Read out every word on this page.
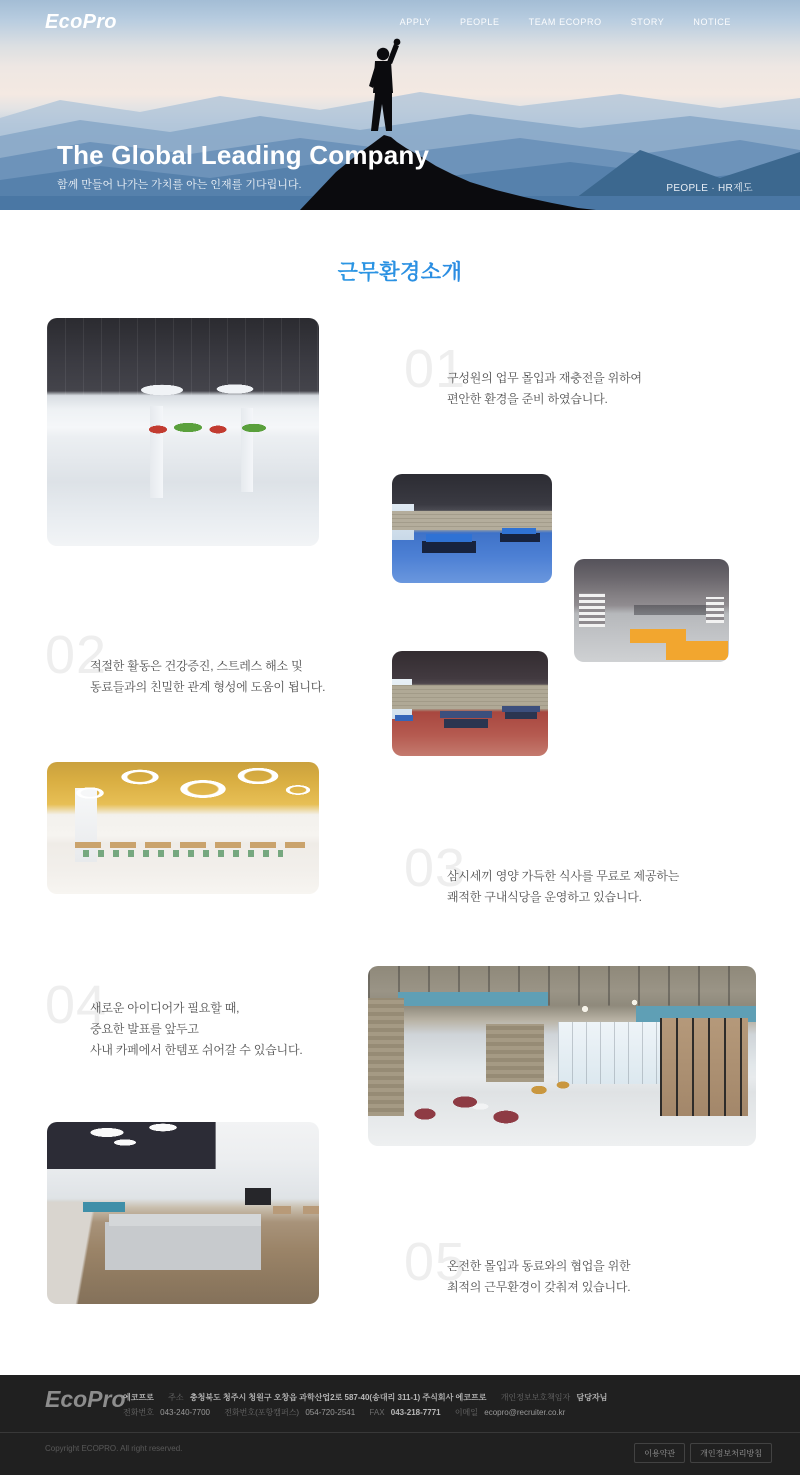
EcoPro	APPLY	PEOPLE	TEAM ECOPRO	STORY	NOTICE
The Global Leading Company

함께 만들어 나가는 가치를 아는 인재를 기다립니다.	PEOPLE · HR제도
근무환경소개
01
구성원의 업무 몰입과 재충전을 위하여
편안한 환경을 준비 하였습니다.
02
적절한 활동은 건강증진, 스트레스 해소 및
동료들과의 친밀한 관계 형성에 도움이 됩니다.
03
삼시세끼 영양 가득한 식사를 무료로 제공하는
쾌적한 구내식당을 운영하고 있습니다.
04
새로운 아이디어가 필요할 때,
중요한 발표를 앞두고
사내 카페에서 한템포 쉬어갈 수 있습니다.
05
온전한 몰입과 동료와의 협업을 위한
최적의 근무환경이 갖춰져 있습니다.
EcoPro
에코프로 주소 충청북도 청주시 청원구 오창읍 과학산업2로 587-40(송대리 311-1) 주식회사 에코프로 개인정보보호책임자 담당자님
전화번호 043-240-7700 전화번호(포항캠퍼스) 054-720-2541 FAX 043-218-7771 이메일 ecopro@recruiter.co.kr
Copyright ECOPRO. All right reserved.	이용약관	개인정보처리방침
